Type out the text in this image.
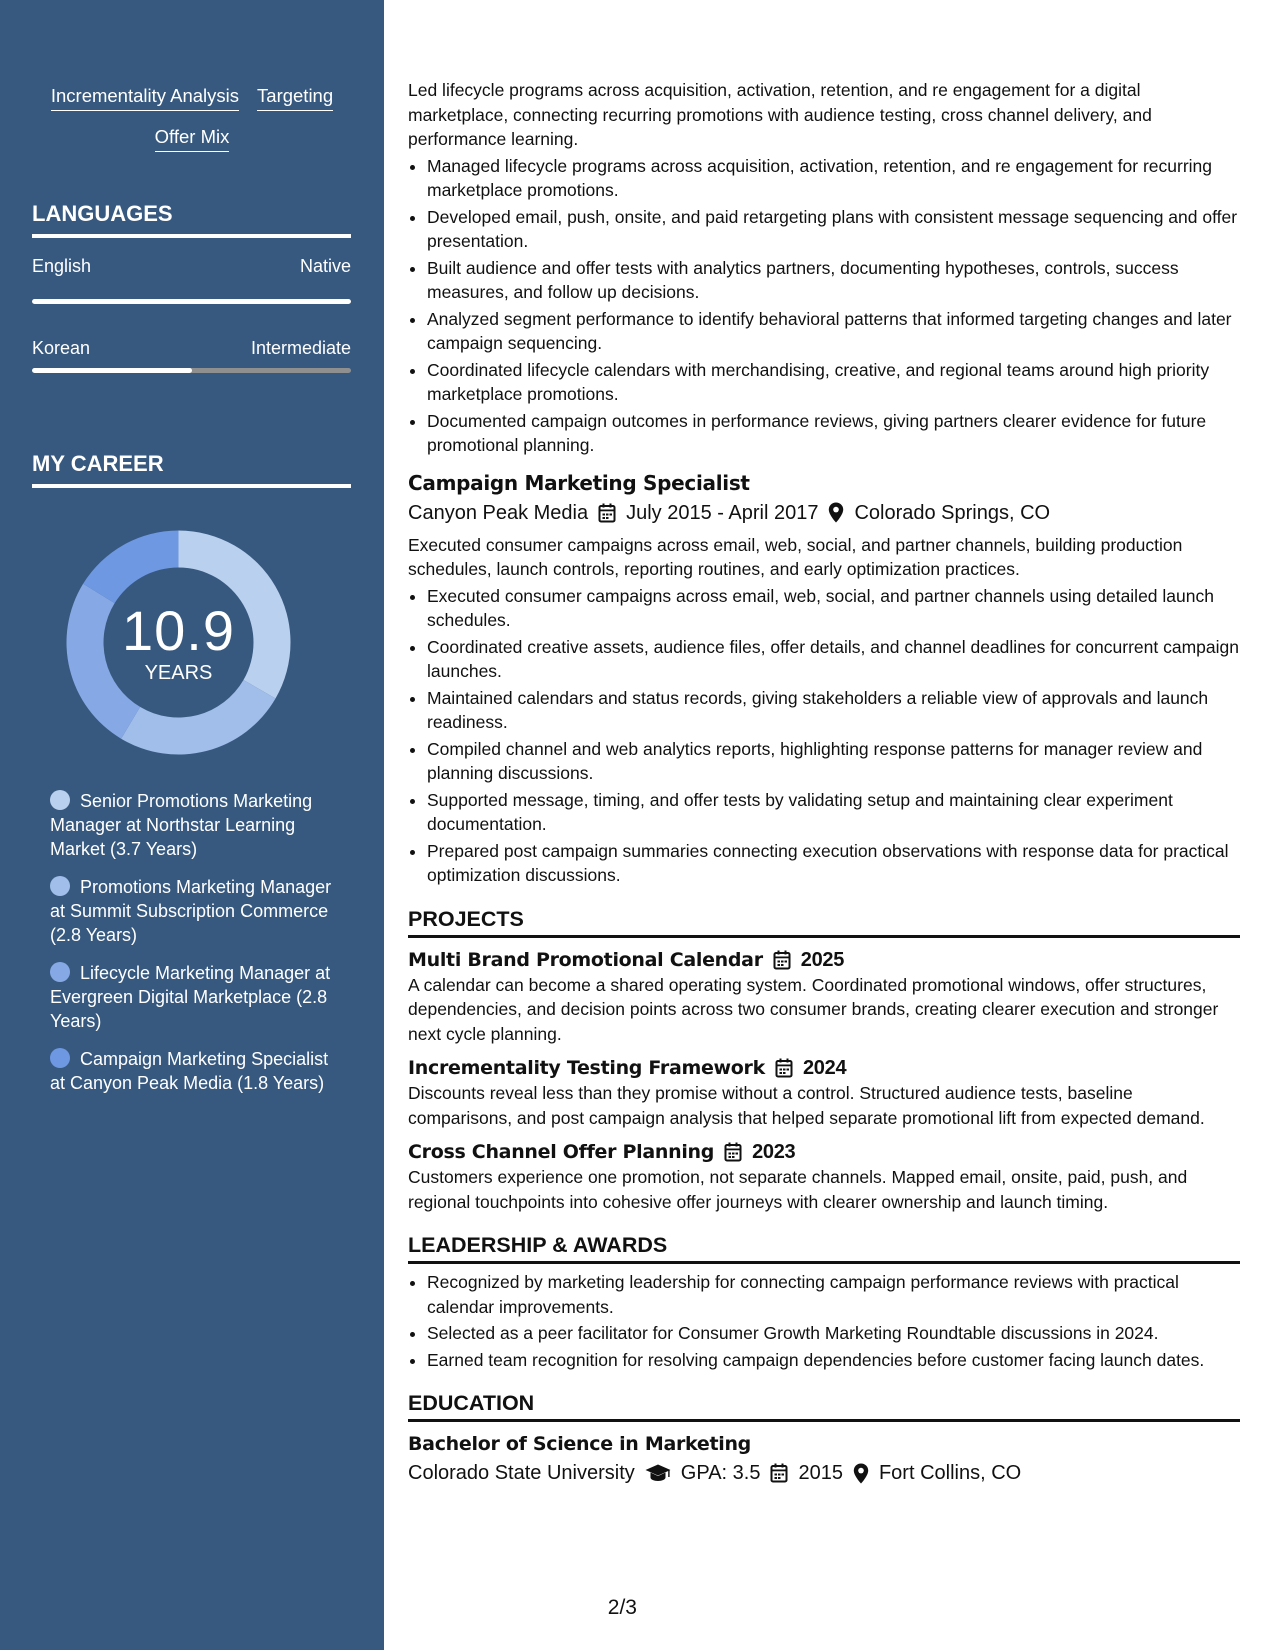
Incrementality Analysis Targeting
Offer Mix
LANGUAGES
English	Native
Korean	Intermediate
MY CAREER
10.9
YEARS
Senior Promotions Marketing Manager at Northstar Learning Market (3.7 Years)
Promotions Marketing Manager at Summit Subscription Commerce (2.8 Years)
Lifecycle Marketing Manager at Evergreen Digital Marketplace (2.8 Years)
Campaign Marketing Specialist at Canyon Peak Media (1.8 Years)

Led lifecycle programs across acquisition, activation, retention, and re engagement for a digital marketplace, connecting recurring promotions with audience testing, cross channel delivery, and performance learning.

• Managed lifecycle programs across acquisition, activation, retention, and re engagement for recurring marketplace promotions.
• Developed email, push, onsite, and paid retargeting plans with consistent message sequencing and offer presentation.
• Built audience and offer tests with analytics partners, documenting hypotheses, controls, success measures, and follow up decisions.
• Analyzed segment performance to identify behavioral patterns that informed targeting changes and later campaign sequencing.
• Coordinated lifecycle calendars with merchandising, creative, and regional teams around high priority marketplace promotions.
• Documented campaign outcomes in performance reviews, giving partners clearer evidence for future promotional planning.
Campaign Marketing Specialist
Canyon Peak Media July 2015 - April 2017 Colorado Springs, CO

Executed consumer campaigns across email, web, social, and partner channels, building production schedules, launch controls, reporting routines, and early optimization practices.

• Executed consumer campaigns across email, web, social, and partner channels using detailed launch schedules.
• Coordinated creative assets, audience files, offer details, and channel deadlines for concurrent campaign launches.
• Maintained calendars and status records, giving stakeholders a reliable view of approvals and launch readiness.
• Compiled channel and web analytics reports, highlighting response patterns for manager review and planning discussions.
• Supported message, timing, and offer tests by validating setup and maintaining clear experiment documentation.
• Prepared post campaign summaries connecting execution observations with response data for practical optimization discussions.
PROJECTS
Multi Brand Promotional Calendar 2025

A calendar can become a shared operating system. Coordinated promotional windows, offer structures, dependencies, and decision points across two consumer brands, creating clearer execution and stronger next cycle planning.

Incrementality Testing Framework 2024

Discounts reveal less than they promise without a control. Structured audience tests, baseline comparisons, and post campaign analysis that helped separate promotional lift from expected demand.

Cross Channel Offer Planning 2023

Customers experience one promotion, not separate channels. Mapped email, onsite, paid, push, and regional touchpoints into cohesive offer journeys with clearer ownership and launch timing.

LEADERSHIP & AWARDS
• Recognized by marketing leadership for connecting campaign performance reviews with practical calendar improvements.
• Selected as a peer facilitator for Consumer Growth Marketing Roundtable discussions in 2024.
• Earned team recognition for resolving campaign dependencies before customer facing launch dates.
EDUCATION
Bachelor of Science in Marketing
Colorado State University GPA: 3.5 2015 Fort Collins, CO
2/3
